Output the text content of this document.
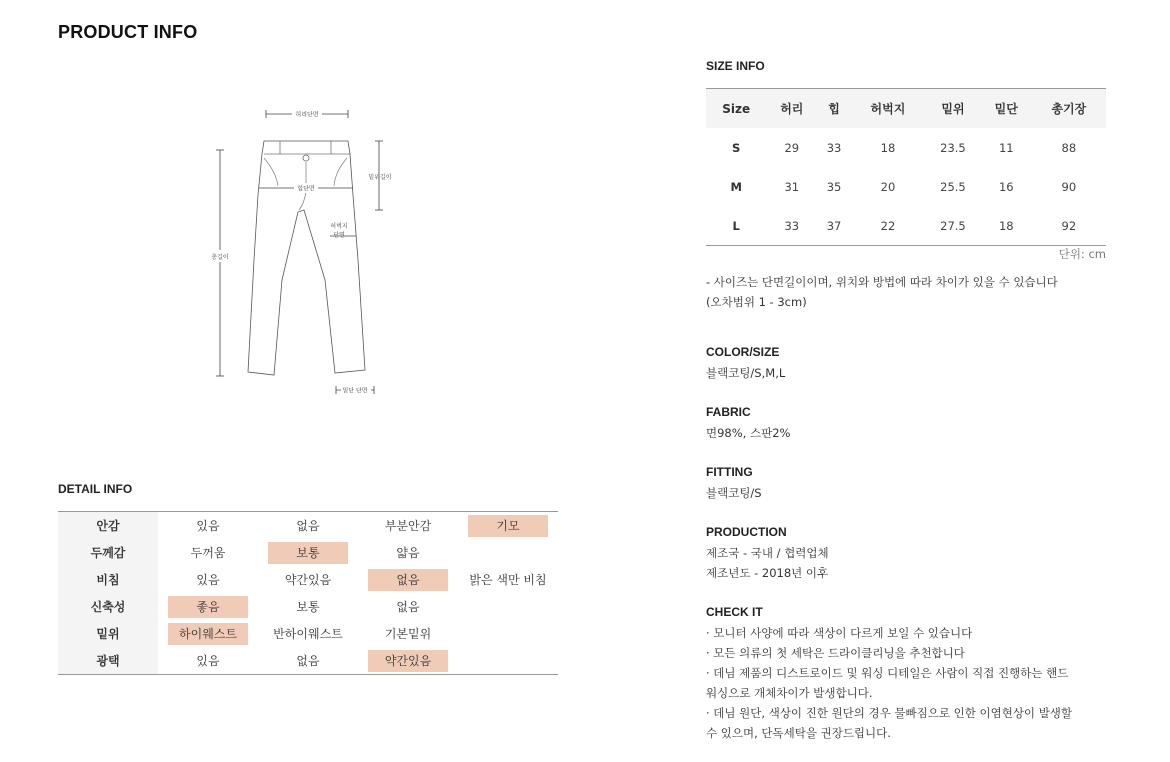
PRODUCT INFO
허리단면
힙단면
밑위길이
허벅지
단면
총길이
밑단 단면
DETAIL INFO
안감	있음	없음	부분안감	기모
두께감	두꺼움	보통	얇음	
비침	있음	약간있음	없음	밝은 색만 비침
신축성	좋음	보통	없음	
밑위	하이웨스트	반하이웨스트	기본밑위	
광택	있음	없음	약간있음	
SIZE INFO
Size	허리	힙	허벅지	밑위	밑단	총기장
S	29	33	18	23.5	11	88
M	31	35	20	25.5	16	90
L	33	37	22	27.5	18	92
단위: cm
- 사이즈는 단면길이이며, 위치와 방법에 따라 차이가 있을 수 있습니다
(오차범위 1 - 3cm)
COLOR/SIZE
블랙코팅/S,M,L
FABRIC
면98%, 스판2%
FITTING
블랙코팅/S
PRODUCTION
제조국 - 국내 / 협력업체
제조년도 - 2018년 이후
CHECK IT
· 모니터 사양에 따라 색상이 다르게 보일 수 있습니다
· 모든 의류의 첫 세탁은 드라이클리닝을 추천합니다
· 데님 제품의 디스트로이드 및 워싱 디테일은 사람이 직접 진행하는 핸드
워싱으로 개체차이가 발생합니다.
· 데님 원단, 색상이 진한 원단의 경우 물빠짐으로 인한 이염현상이 발생할
수 있으며, 단독세탁을 권장드립니다.
